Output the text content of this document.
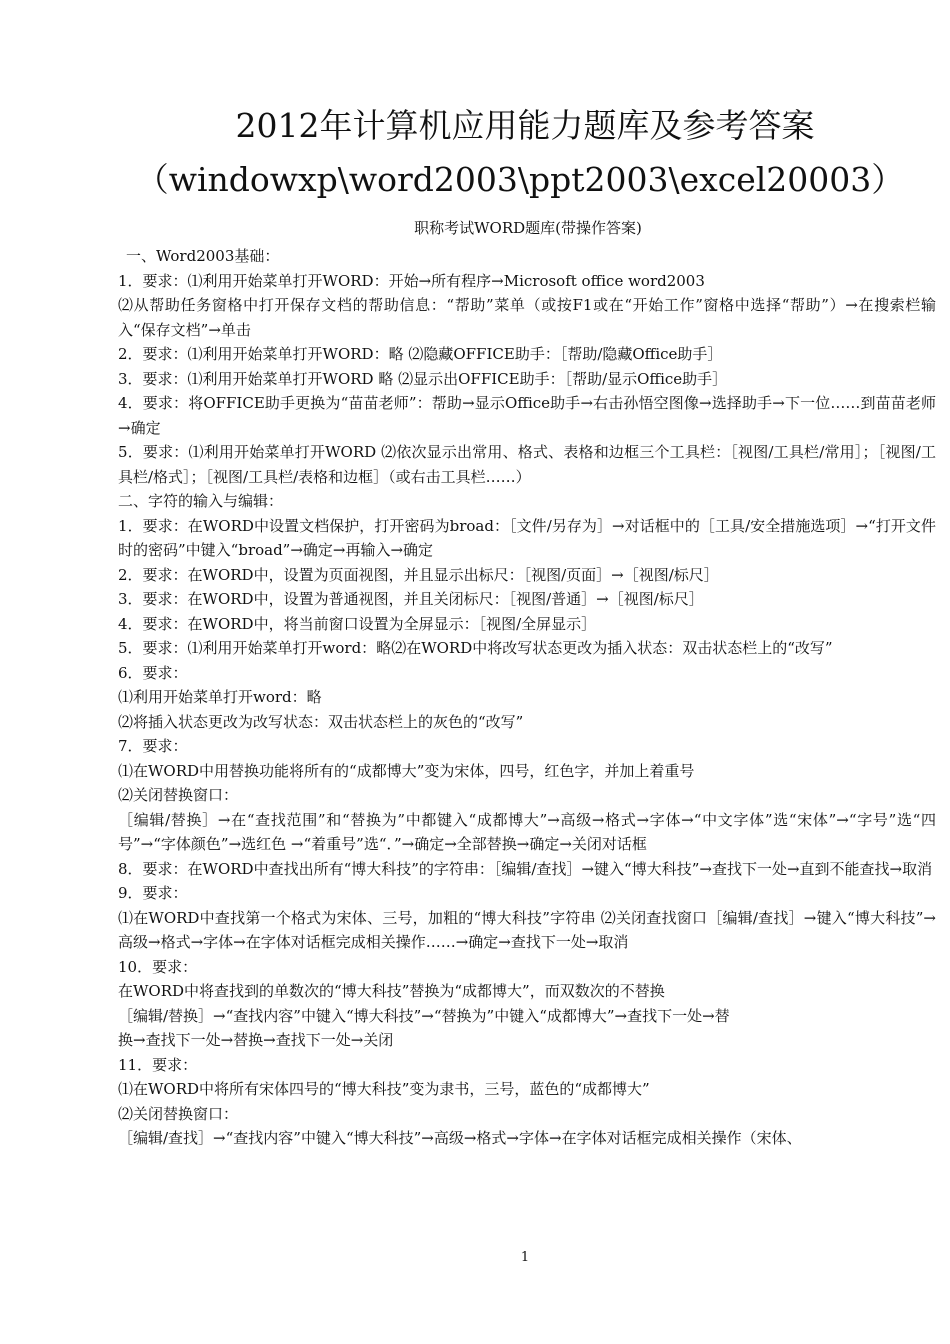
2012年计算机应用能力题库及参考答案
（windowxp\word2003\ppt2003\excel20003）
职称考试WORD题库(带操作答案)

一、Word2003基础：

1．要求：⑴利用开始菜单打开WORD：开始→所有程序→Microsoft office word2003

⑵从帮助任务窗格中打开保存文档的帮助信息：“帮助”菜单（或按F1或在“开始工作”窗格中选择“帮助”）→在搜索栏输入“保存文档”→单击

2．要求：⑴利用开始菜单打开WORD：略 ⑵隐藏OFFICE助手：［帮助/隐藏Office助手］

3．要求：⑴利用开始菜单打开WORD 略 ⑵显示出OFFICE助手：［帮助/显示Office助手］

4．要求：将OFFICE助手更换为“苗苗老师”：帮助→显示Office助手→右击孙悟空图像→选择助手→下一位……到苗苗老师→确定

5．要求：⑴利用开始菜单打开WORD ⑵依次显示出常用、格式、表格和边框三个工具栏：［视图/工具栏/常用］；［视图/工具栏/格式］；［视图/工具栏/表格和边框］（或右击工具栏……）

二、字符的输入与编辑：

1．要求：在WORD中设置文档保护，打开密码为broad：［文件/另存为］→对话框中的［工具/安全措施选项］→“打开文件时的密码”中键入“broad”→确定→再输入→确定

2．要求：在WORD中，设置为页面视图，并且显示出标尺：［视图/页面］→［视图/标尺］

3．要求：在WORD中，设置为普通视图，并且关闭标尺：［视图/普通］→［视图/标尺］

4．要求：在WORD中，将当前窗口设置为全屏显示：［视图/全屏显示］

5．要求：⑴利用开始菜单打开word：略⑵在WORD中将改写状态更改为插入状态：双击状态栏上的“改写”

6．要求：

⑴利用开始菜单打开word：略

⑵将插入状态更改为改写状态：双击状态栏上的灰色的“改写”

7．要求：

⑴在WORD中用替换功能将所有的“成都博大”变为宋体，四号，红色字，并加上着重号

⑵关闭替换窗口：

［编辑/替换］→在“查找范围”和“替换为”中都键入“成都博大”→高级→格式→字体→“中文字体”选“宋体”→“字号”选“四号”→“字体颜色”→选红色 →“着重号”选“．”→确定→全部替换→确定→关闭对话框

8．要求：在WORD中查找出所有“博大科技”的字符串：［编辑/查找］→键入“博大科技”→查找下一处→直到不能查找→取消

9．要求：

⑴在WORD中查找第一个格式为宋体、三号，加粗的“博大科技”字符串 ⑵关闭查找窗口［编辑/查找］→键入“博大科技”→高级→格式→字体→在字体对话框完成相关操作……→确定→查找下一处→取消

10．要求：

在WORD中将查找到的单数次的“博大科技”替换为“成都博大”，而双数次的不替换

［编辑/替换］→“查找内容”中键入“博大科技”→“替换为”中键入“成都博大”→查找下一处→替

换→查找下一处→替换→查找下一处→关闭

11．要求：

⑴在WORD中将所有宋体四号的“博大科技”变为隶书，三号，蓝色的“成都博大”

⑵关闭替换窗口：

［编辑/查找］→“查找内容”中键入“博大科技”→高级→格式→字体→在字体对话框完成相关操作（宋体、

1
